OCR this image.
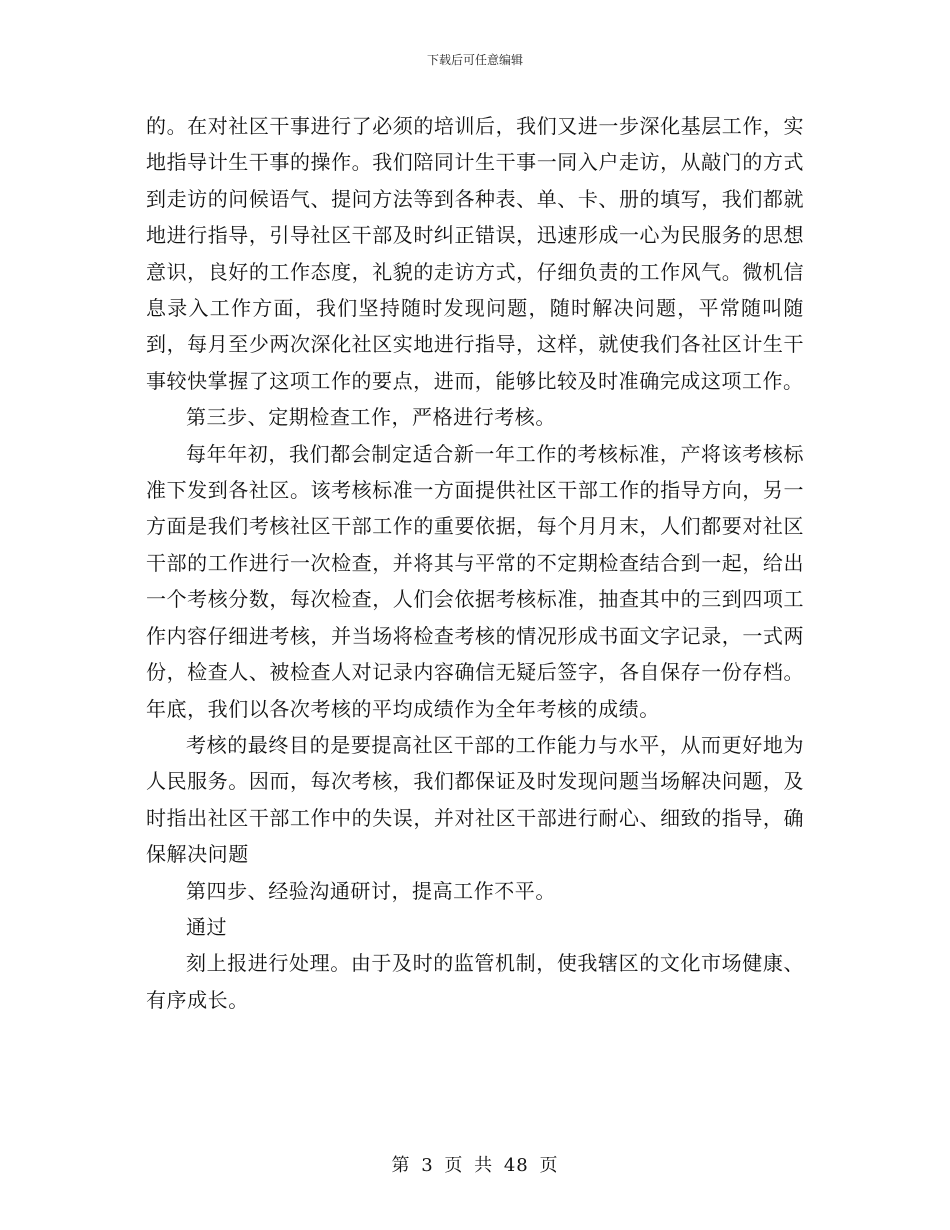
下载后可任意编辑

的。在对社区干事进行了必须的培训后，我们又进一步深化基层工作，实地指导计生干事的操作。我们陪同计生干事一同入户走访，从敲门的方式到走访的问候语气、提问方法等到各种表、单、卡、册的填写，我们都就地进行指导，引导社区干部及时纠正错误，迅速形成一心为民服务的思想意识，良好的工作态度，礼貌的走访方式，仔细负责的工作风气。微机信息录入工作方面，我们坚持随时发现问题，随时解决问题，平常随叫随到，每月至少两次深化社区实地进行指导，这样，就使我们各社区计生干事较快掌握了这项工作的要点，进而，能够比较及时准确完成这项工作。

第三步、定期检查工作，严格进行考核。

每年年初，我们都会制定适合新一年工作的考核标准，产将该考核标准下发到各社区。该考核标准一方面提供社区干部工作的指导方向，另一方面是我们考核社区干部工作的重要依据，每个月月末，人们都要对社区干部的工作进行一次检查，并将其与平常的不定期检查结合到一起，给出一个考核分数，每次检查，人们会依据考核标准，抽查其中的三到四项工作内容仔细进考核，并当场将检查考核的情况形成书面文字记录，一式两份，检查人、被检查人对记录内容确信无疑后签字，各自保存一份存档。年底，我们以各次考核的平均成绩作为全年考核的成绩。

考核的最终目的是要提高社区干部的工作能力与水平，从而更好地为人民服务。因而，每次考核，我们都保证及时发现问题当场解决问题，及时指出社区干部工作中的失误，并对社区干部进行耐心、细致的指导，确保解决问题

第四步、经验沟通研讨，提高工作不平。

通过

刻上报进行处理。由于及时的监管机制，使我辖区的文化市场健康、有序成长。

第 3 页 共 48 页
